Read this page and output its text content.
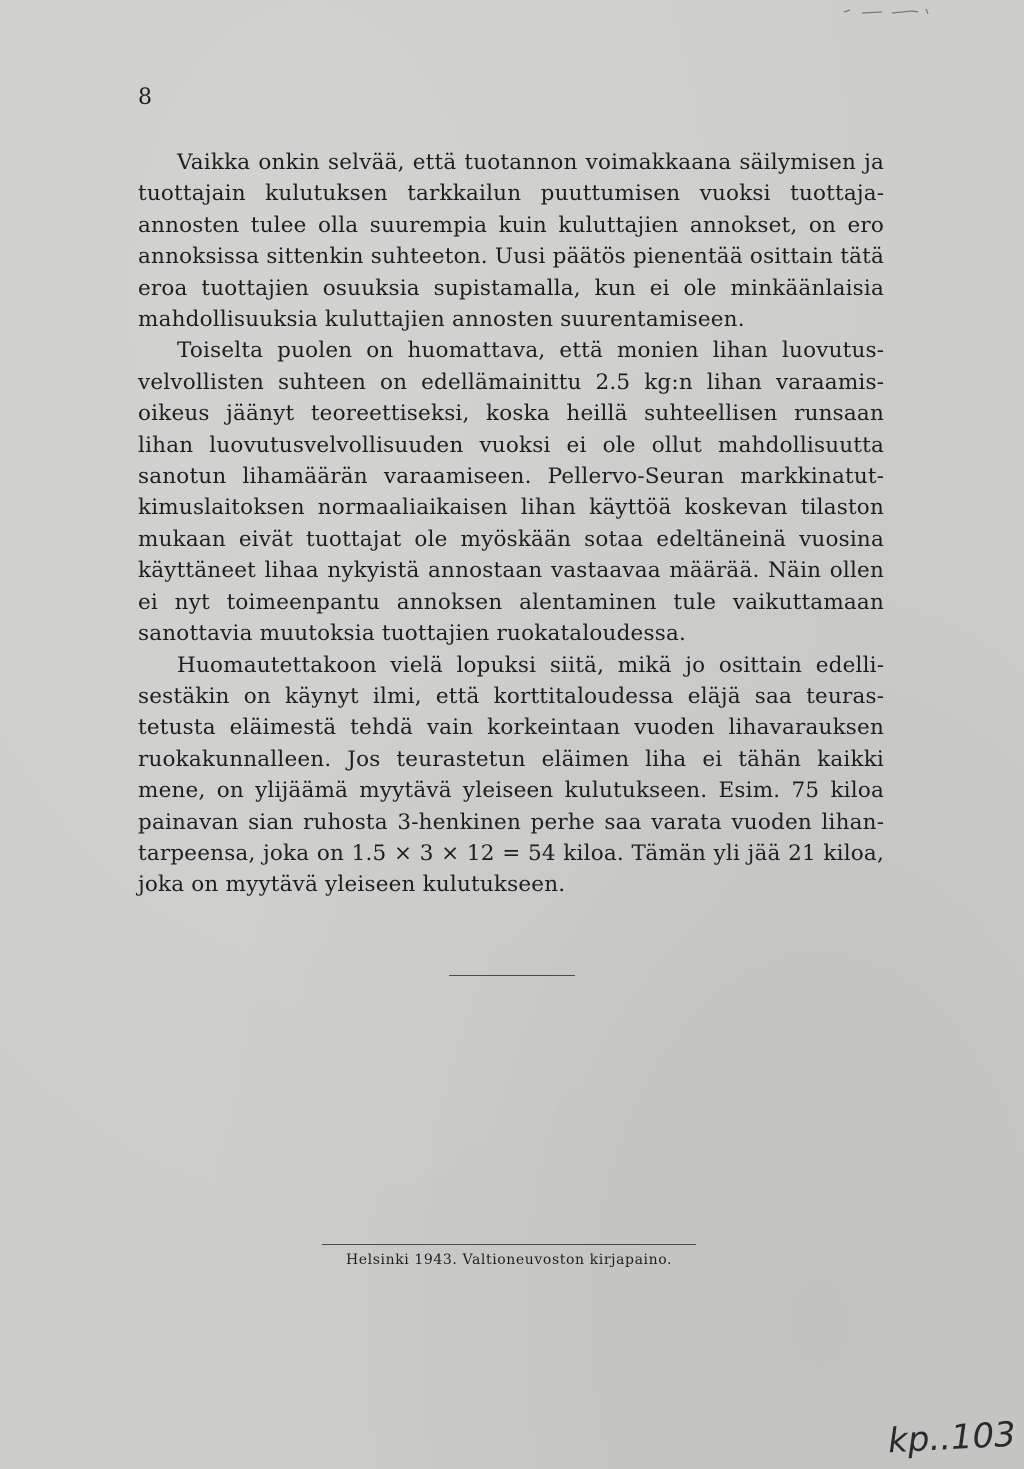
8

Vaikka onkin selvää, että tuotannon voimakkaana säilymisen ja tuottajain kulutuksen tarkkailun puuttumisen vuoksi tuottajaannosten tulee olla suurempia kuin kuluttajien annokset, on ero annoksissa sittenkin suhteeton. Uusi päätös pienentää osittain tätä eroa tuottajien osuuksia supistamalla, kun ei ole minkäänlaisia mahdollisuuksia kuluttajien annosten suurentamiseen.

Toiselta puolen on huomattava, että monien lihan luovutusvelvollisten suhteen on edellämainittu 2.5 kg:n lihan varaamisoikeus jäänyt teoreettiseksi, koska heillä suhteellisen runsaan lihan luovutusvelvollisuuden vuoksi ei ole ollut mahdollisuutta sanotun lihamäärän varaamiseen. Pellervo-Seuran markkinatutkimuslaitoksen normaaliaikaisen lihan käyttöä koskevan tilaston mukaan eivät tuottajat ole myöskään sotaa edeltäneinä vuosina käyttäneet lihaa nykyistä annostaan vastaavaa määrää. Näin ollen ei nyt toimeenpantu annoksen alentaminen tule vaikuttamaan sanottavia muutoksia tuottajien ruokataloudessa.

Huomautettakoon vielä lopuksi siitä, mikä jo osittain edellisestäkin on käynyt ilmi, että korttitaloudessa eläjä saa teurastetusta eläimestä tehdä vain korkeintaan vuoden lihavarauksen ruokakunnalleen. Jos teurastetun eläimen liha ei tähän kaikki mene, on ylijäämä myytävä yleiseen kulutukseen. Esim. 75 kiloa painavan sian ruhosta 3-henkinen perhe saa varata vuoden lihantarpeensa, joka on 1.5 × 3 × 12 = 54 kiloa. Tämän yli jää 21 kiloa, joka on myytävä yleiseen kulutukseen.

Helsinki 1943. Valtioneuvoston kirjapaino.
kp..103
